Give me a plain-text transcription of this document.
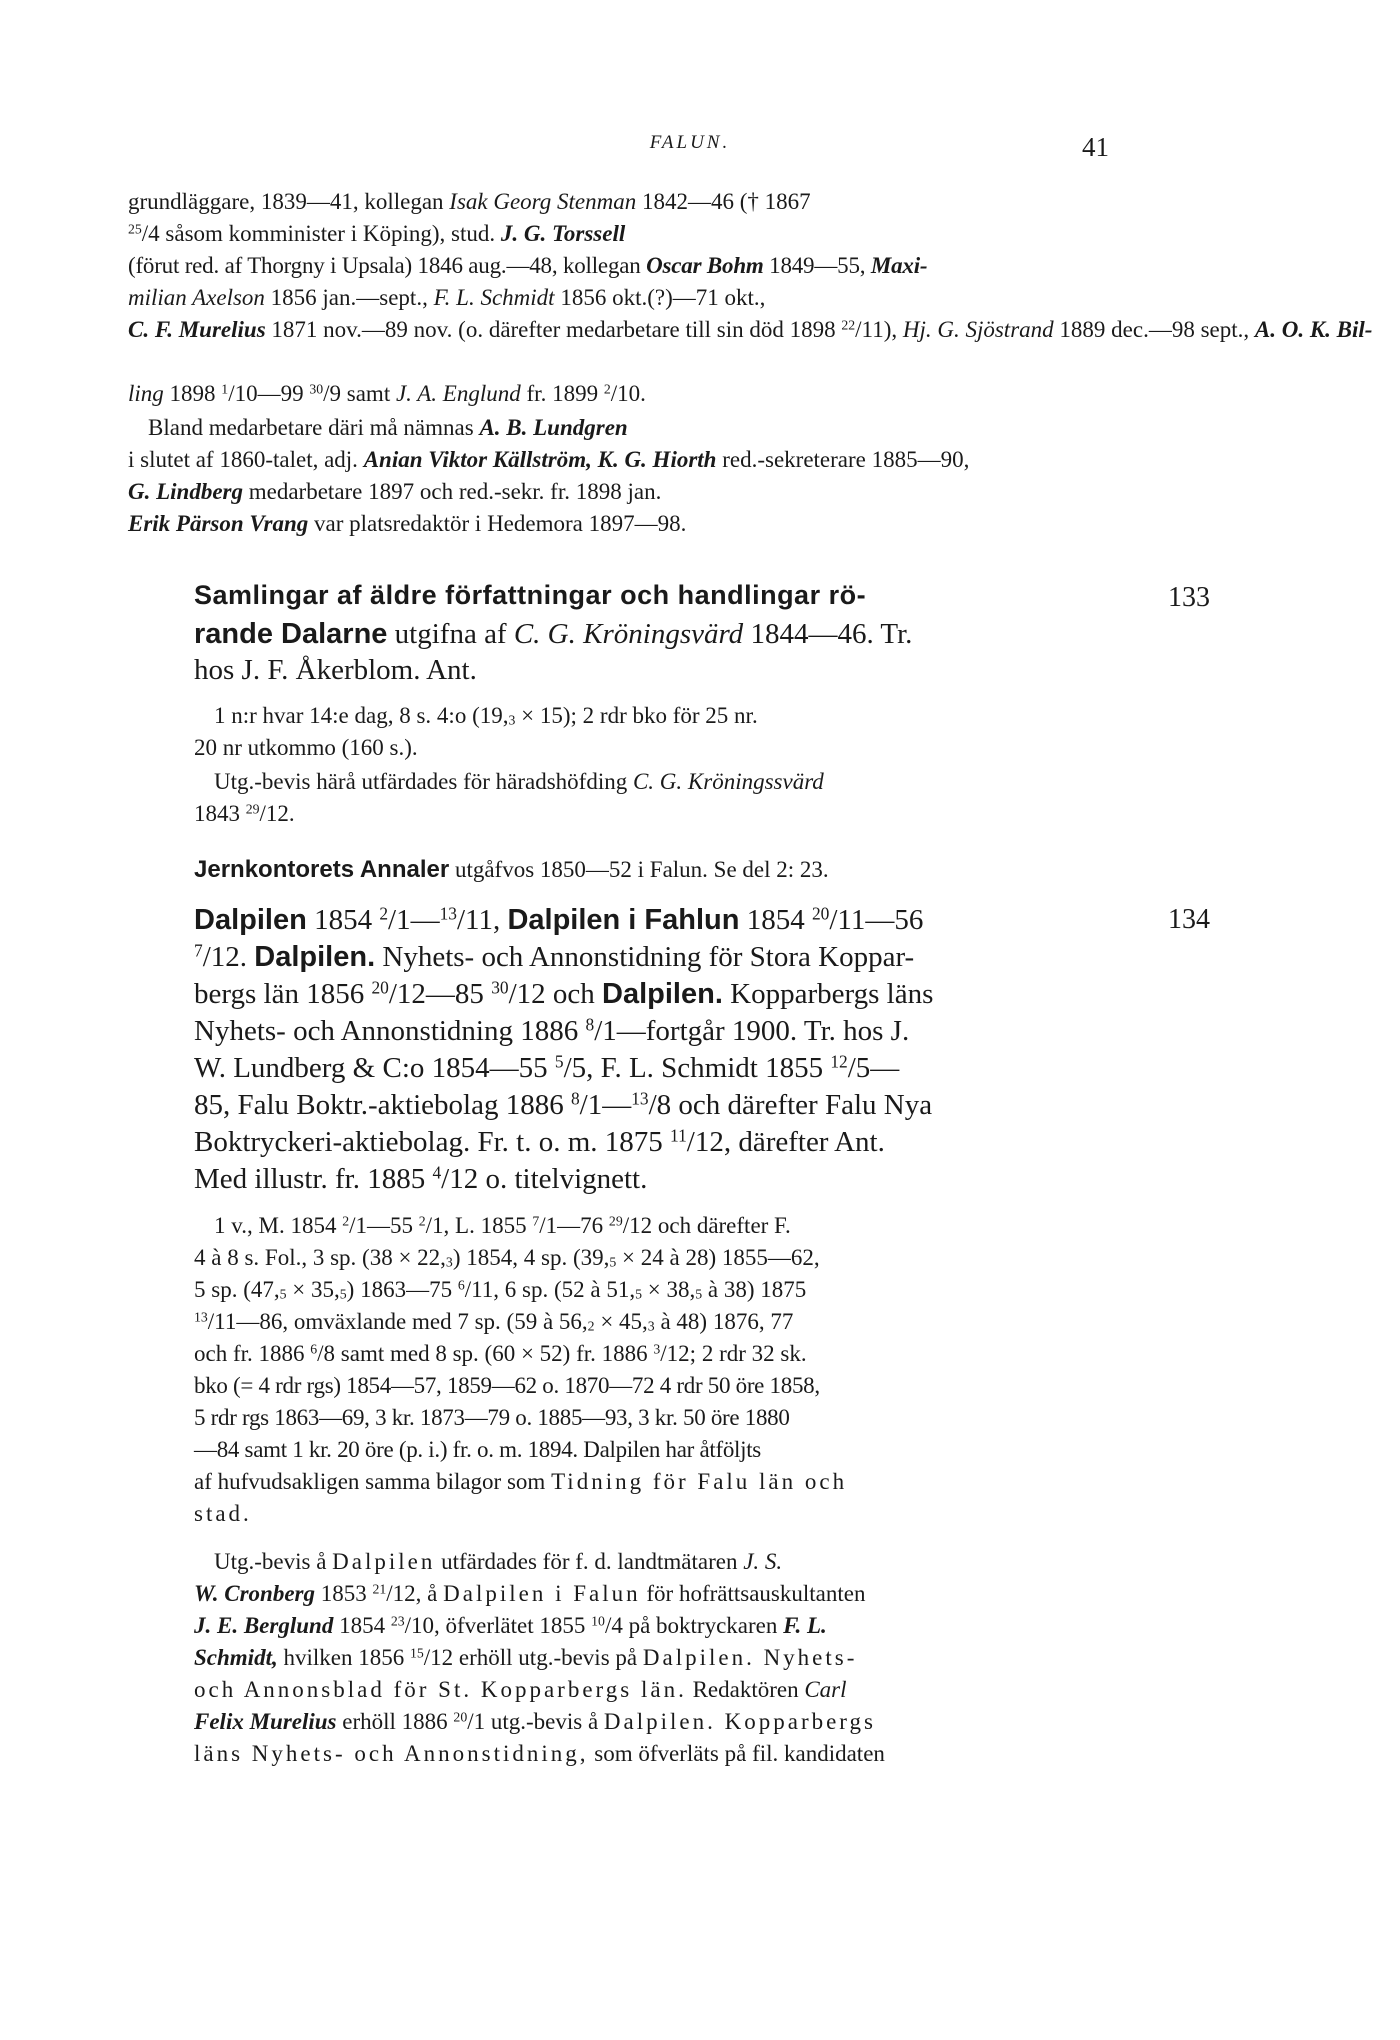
FALUN.	41
grundläggare, 1839—41, kollegan Isak Georg Stenman 1842—46 († 1867
$^{25}$/4 såsom komminister i Köping), stud. J. G. Torssell
(förut red. af Thorgny i Upsala) 1846 aug.—48, kollegan Oscar Bohm 1849—55, Maxi-
milian Axelson 1856 jan.—sept., F. L. Schmidt 1856 okt.(?)—71 okt.,
C. F. Murelius 1871 nov.—89 nov. (o. därefter medarbetare till sin död 1898 $^{22}$/11), Hj. G. Sjöstrand 1889 dec.—98 sept., A. O. K. Bil-
ling 1898 $^1$/10—99 $^{30}$/9 samt J. A. Englund fr. 1899 $^2$/10.
Bland medarbetare däri må nämnas A. B. Lundgren
i slutet af 1860-talet, adj. Anian Viktor Källström, K. G. Hiorth red.-sekreterare 1885—90,
G. Lindberg medarbetare 1897 och red.-sekr. fr. 1898 jan.
Erik Pärson Vrang var platsredaktör i Hedemora 1897—98.
133
Samlingar af äldre författningar och handlingar rö-
rande Dalarne utgifna af C. G. Kröningsvärd 1844—46. Tr.
hos J. F. Åkerblom. Ant.
1 n:r hvar 14:e dag, 8 s. 4:o $(19,_3 \times 15)$; 2 rdr bko för 25 nr.
20 nr utkommo (160 s.).
Utg.-bevis härå utfärdades för häradshöfding C. G. Kröningssvärd
1843 $^{29}$/12.
Jernkontorets Annaler utgåfvos 1850—52 i Falun. Se del 2: 23.
134
Dalpilen 1854 $^2$/1—$^{13}$/11, Dalpilen i Fahlun 1854 $^{20}$/11—56
$^7$/12. Dalpilen. Nyhets- och Annonstidning för Stora Koppar-
bergs län 1856 $^{20}$/12—85 $^{30}$/12 och Dalpilen. Kopparbergs läns
Nyhets- och Annonstidning 1886 $^8$/1—fortgår 1900. Tr. hos J.
W. Lundberg & C:o 1854—55 $^5$/5, F. L. Schmidt 1855 $^{12}$/5—
85, Falu Boktr.-aktiebolag 1886 $^8$/1—$^{13}$/8 och därefter Falu Nya
Boktryckeri-aktiebolag. Fr. t. o. m. 1875 $^{11}$/12, därefter Ant.
Med illustr. fr. 1885 $^4$/12 o. titelvignett.
1 v., M. 1854 $^2$/1—55 $^2$/1, L. 1855 $^7$/1—76 $^{29}$/12 och därefter F.
4 à 8 s. Fol., 3 sp. $(38 \times 22,_3)$ 1854, 4 sp. ($39,_5 \times 24$ à 28) 1855—62,
5 sp. $(47,_5 \times 35,_5)$ 1863—75 $^6$/11, 6 sp. (52 à $51,_5 \times 38,_5$ à 38) 1875
$^{13}$/11—86, omväxlande med 7 sp. (59 à $56,_2 \times 45,_3$ à 48) 1876, 77
och fr. 1886 $^6$/8 samt med 8 sp. (60 × 52) fr. 1886 $^3$/12; 2 rdr 32 sk.
bko (= 4 rdr rgs) 1854—57, 1859—62 o. 1870—72 4 rdr 50 öre 1858,
5 rdr rgs 1863—69, 3 kr. 1873—79 o. 1885—93, 3 kr. 50 öre 1880
—84 samt 1 kr. 20 öre (p. i.) fr. o. m. 1894. Dalpilen har åtföljts
af hufvudsakligen samma bilagor som Tidning för Falu län och
stad.
Utg.-bevis å Dalpilen utfärdades för f. d. landtmätaren J. S.
W. Cronberg 1853 $^{21}$/12, å Dalpilen i Falun för hofrättsauskultanten
J. E. Berglund 1854 $^{23}$/10, öfverlätet 1855 $^{10}$/4 på boktryckaren F. L.
Schmidt, hvilken 1856 $^{15}$/12 erhöll utg.-bevis på Dalpilen. Nyhets-
och Annonsblad för St. Kopparbergs län. Redaktören Carl
Felix Murelius erhöll 1886 $^{20}$/1 utg.-bevis å Dalpilen. Kopparbergs
läns Nyhets- och Annonstidning, som öfverläts på fil. kandidaten
